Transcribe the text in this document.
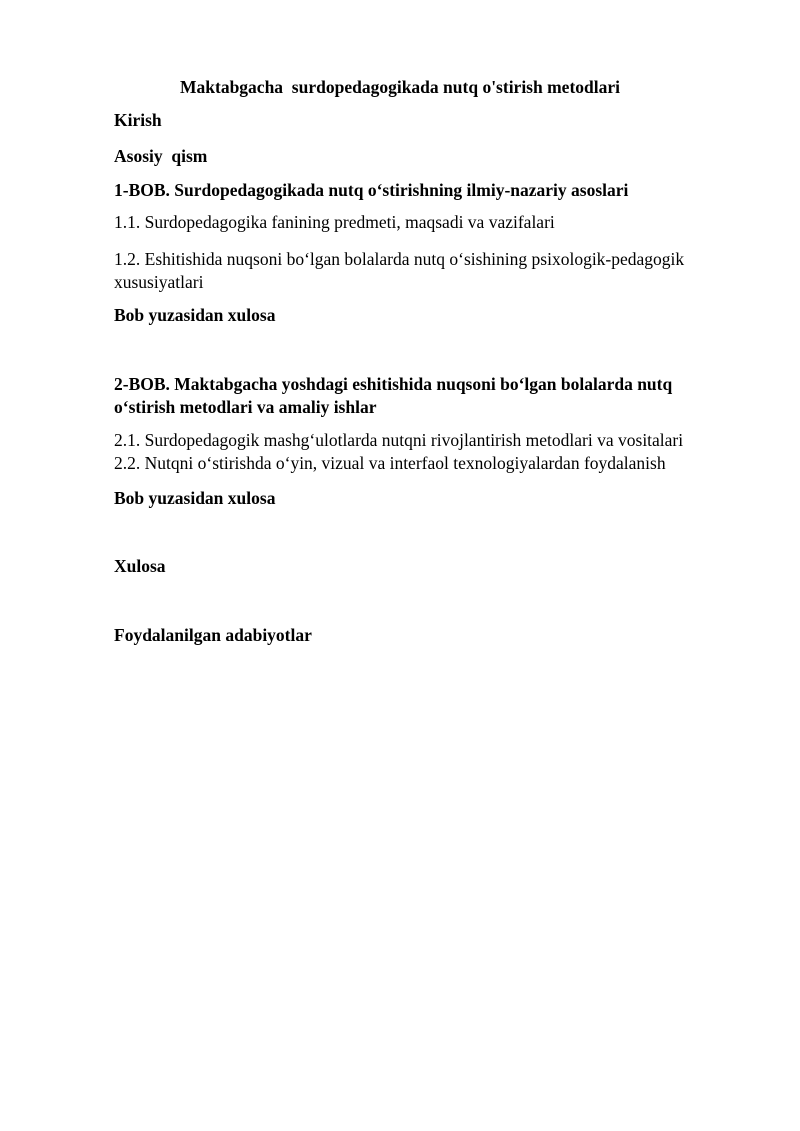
Maktabgacha  surdopedagogikada nutq o'stirish metodlari
Kirish
Asosiy  qism
1-BOB. Surdopedagogikada nutq o‘stirishning ilmiy-nazariy asoslari
1.1. Surdopedagogika fanining predmeti, maqsadi va vazifalari
1.2. Eshitishida nuqsoni bo‘lgan bolalarda nutq o‘sishining psixologik-pedagogik
xususiyatlari
Bob yuzasidan xulosa
2-BOB. Maktabgacha yoshdagi eshitishida nuqsoni bo‘lgan bolalarda nutq
o‘stirish metodlari va amaliy ishlar
2.1. Surdopedagogik mashg‘ulotlarda nutqni rivojlantirish metodlari va vositalari
2.2. Nutqni o‘stirishda o‘yin, vizual va interfaol texnologiyalardan foydalanish
Bob yuzasidan xulosa
Xulosa
Foydalanilgan adabiyotlar
